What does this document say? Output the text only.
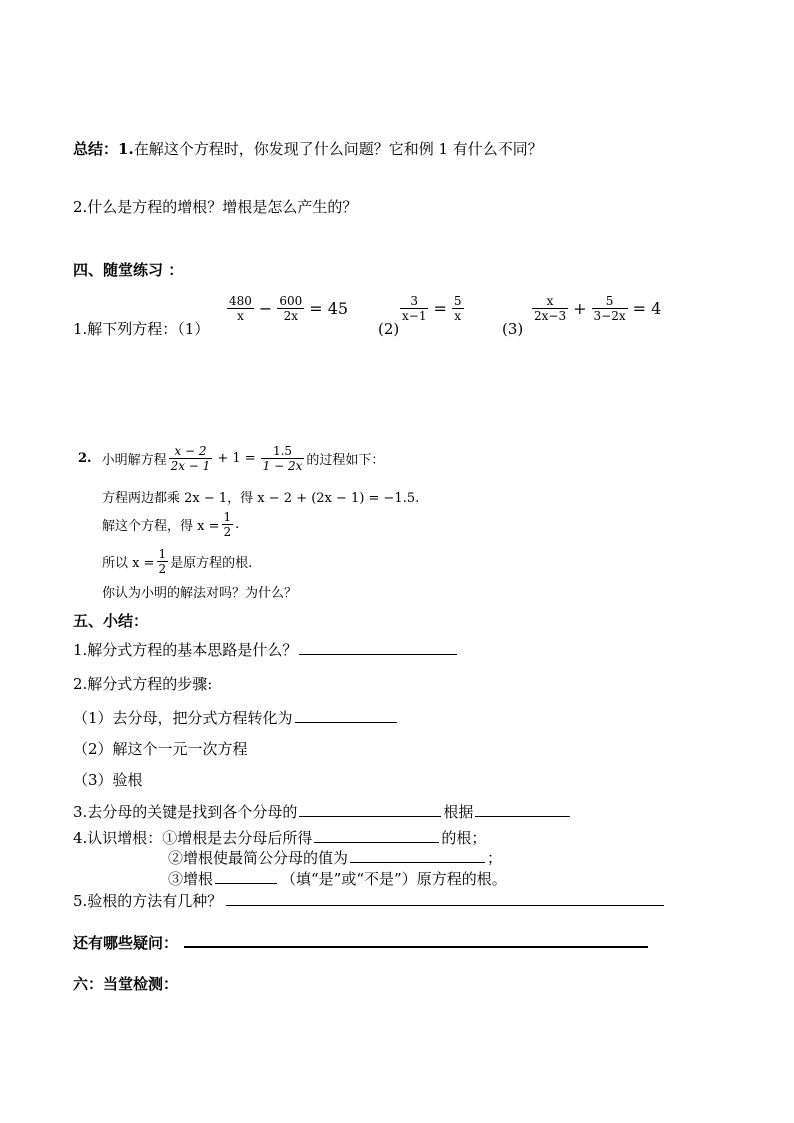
总结：1.在解这个方程时，你发现了什么问题？它和例 1 有什么不同？
2.什么是方程的增根？增根是怎么产生的？
四、随堂练习 ：
1.解下列方程：（1）
$\frac{480}{x} - \frac{600}{2x} = 45$
(2)
$\frac{3}{x-1} = \frac{5}{x}$
(3)
$\frac{x}{2x-3} + \frac{5}{3-2x} = 4$
2. 小明解方程 $\frac{x - 2}{2x - 1} + 1 = \frac{1.5}{1 - 2x}$ 的过程如下：
方程两边都乘 2x − 1，得 x − 2 + (2x − 1) = −1.5.
解这个方程，得 $x = \frac{1}{2}$ .
所以 $x = \frac{1}{2}$ 是原方程的根.
你认为小明的解法对吗？为什么？
五、小结：
1.解分式方程的基本思路是什么？
2.解分式方程的步骤:
（1）去分母，把分式方程转化为
（2）解这个一元一次方程
（3）验根
3.去分母的关键是找到各个分母的	根据
4.认识增根：①增根是去分母后所得	的根；
②增根使最简公分母的值为	；
③增根	（填“是”或“不是”）原方程的根。
5.验根的方法有几种？
还有哪些疑问：
六：当堂检测：
